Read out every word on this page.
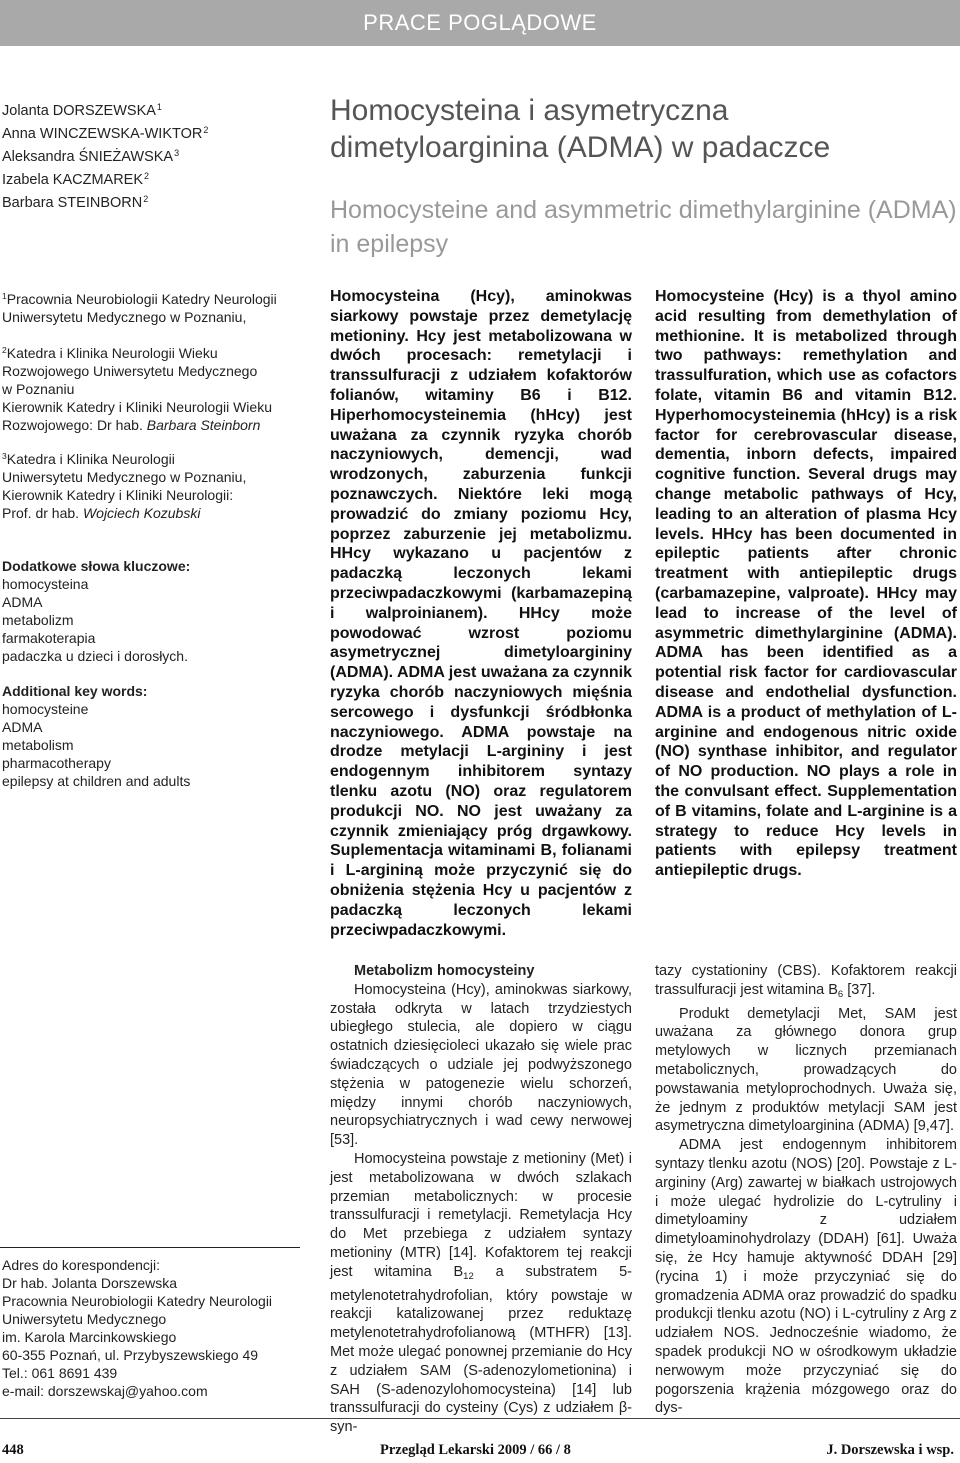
PRACE POGLĄDOWE
Jolanta DORSZEWSKA$^1$
Anna WINCZEWSKA-WIKTOR$^2$
Aleksandra ŚNIEŻAWSKA$^3$
Izabela KACZMAREK$^2$
Barbara STEINBORN$^2$
Homocysteina i asymetryczna
dimetyloarginina (ADMA) w padaczce
Homocysteine and asymmetric dimethylarginine (ADMA)
in epilepsy
$^1$Pracownia Neurobiologii Katedry Neurologii
Uniwersytetu Medycznego w Poznaniu,
$^2$Katedra i Klinika Neurologii Wieku
Rozwojowego Uniwersytetu Medycznego
w Poznaniu
Kierownik Katedry i Kliniki Neurologii Wieku
Rozwojowego: Dr hab. Barbara Steinborn
$^3$Katedra i Klinika Neurologii
Uniwersytetu Medycznego w Poznaniu,
Kierownik Katedry i Kliniki Neurologii:
Prof. dr hab. Wojciech Kozubski
Dodatkowe słowa kluczowe:
homocysteina
ADMA
metabolizm
farmakoterapia
padaczka u dzieci i dorosłych.
Additional key words:
homocysteine
ADMA
metabolism
pharmacotherapy
epilepsy at children and adults

Homocysteina (Hcy), aminokwas siarkowy powstaje przez demetylację metioniny. Hcy jest metabolizowana w dwóch procesach: remetylacji i transsulfuracji z udziałem kofaktorów folianów, witaminy B6 i B12. Hiperhomocysteinemia (hHcy) jest uważana za czynnik ryzyka chorób naczyniowych, demencji, wad wrodzonych, zaburzenia funkcji poznawczych. Niektóre leki mogą prowadzić do zmiany poziomu Hcy, poprzez zaburzenie jej metabolizmu. HHcy wykazano u pacjentów z padaczką leczonych lekami przeciwpadaczkowymi (karbamazepiną i walproinianem). HHcy może powodować wzrost poziomu asymetrycznej dimetyloargininy (ADMA). ADMA jest uważana za czynnik ryzyka chorób naczyniowych mięśnia sercowego i dysfunkcji śródbłonka naczyniowego. ADMA powstaje na drodze metylacji L-argininy i jest endogennym inhibitorem syntazy tlenku azotu (NO) oraz regulatorem produkcji NO. NO jest uważany za czynnik zmieniający próg drgawkowy. Suplementacja witaminami B, folianami i L-argininą może przyczynić się do obniżenia stężenia Hcy u pacjentów z padaczką leczonych lekami przeciwpadaczkowymi.

Homocysteine (Hcy) is a thyol amino acid resulting from demethylation of methionine. It is metabolized through two pathways: remethylation and trassulfuration, which use as cofactors folate, vitamin B6 and vitamin B12. Hyperhomocysteinemia (hHcy) is a risk factor for cerebrovascular disease, dementia, inborn defects, impaired cognitive function. Several drugs may change metabolic pathways of Hcy, leading to an alteration of plasma Hcy levels. HHcy has been documented in epileptic patients after chronic treatment with antiepileptic drugs (carbamazepine, valproate). HHcy may lead to increase of the level of asymmetric dimethylarginine (ADMA). ADMA has been identified as a potential risk factor for cardiovascular disease and endothelial dysfunction. ADMA is a product of methylation of L-arginine and endogenous nitric oxide (NO) synthase inhibitor, and regulator of NO production. NO plays a role in the convulsant effect. Supplementation of B vitamins, folate and L-arginine is a strategy to reduce Hcy levels in patients with epilepsy treatment antiepileptic drugs.

Adres do korespondencji:
Dr hab. Jolanta Dorszewska
Pracownia Neurobiologii Katedry Neurologii
Uniwersytetu Medycznego
im. Karola Marcinkowskiego
60-355 Poznań, ul. Przybyszewskiego 49
Tel.: 061 8691 439
e-mail: dorszewskaj@yahoo.com
Metabolizm homocysteiny

Homocysteina (Hcy), aminokwas siarkowy, została odkryta w latach trzydziestych ubiegłego stulecia, ale dopiero w ciągu ostatnich dziesięcioleci ukazało się wiele prac świadczących o udziale jej podwyższonego stężenia w patogenezie wielu schorzeń, między innymi chorób naczyniowych, neuropsychiatrycznych i wad cewy nerwowej [53].

Homocysteina powstaje z metioniny (Met) i jest metabolizowana w dwóch szlakach przemian metabolicznych: w procesie transsulfuracji i remetylacji. Remetylacja Hcy do Met przebiega z udziałem syntazy metioniny (MTR) [14]. Kofaktorem tej reakcji jest witamina $B_{12}$ a substratem 5-metylenotetrahydrofolian, który powstaje w reakcji katalizowanej przez reduktazę metylenotetrahydrofolianową (MTHFR) [13]. Met może ulegać ponownej przemianie do Hcy z udziałem SAM (S-adenozylometionina) i SAH (S-adenozylohomocysteina) [14] lub transsulfuracji do cysteiny (Cys) z udziałem β-syn-

tazy cystationiny (CBS). Kofaktorem reakcji trassulfuracji jest witamina $B_6$ [37].

Produkt demetylacji Met, SAM jest uważana za głównego donora grup metylowych w licznych przemianach metabolicznych, prowadzących do powstawania metyloprochodnych. Uważa się, że jednym z produktów metylacji SAM jest asymetryczna dimetyloarginina (ADMA) [9,47].

ADMA jest endogennym inhibitorem syntazy tlenku azotu (NOS) [20]. Powstaje z L-argininy (Arg) zawartej w białkach ustrojowych i może ulegać hydrolizie do L-cytruliny i dimetyloaminy z udziałem dimetyloaminohydrolazy (DDAH) [61]. Uważa się, że Hcy hamuje aktywność DDAH [29] (rycina 1) i może przyczyniać się do gromadzenia ADMA oraz prowadzić do spadku produkcji tlenku azotu (NO) i L-cytruliny z Arg z udziałem NOS. Jednocześnie wiadomo, że spadek produkcji NO w ośrodkowym układzie nerwowym może przyczyniać się do pogorszenia krążenia mózgowego oraz do dys-

448	Przegląd Lekarski 2009 / 66 / 8	J. Dorszewska i wsp.
